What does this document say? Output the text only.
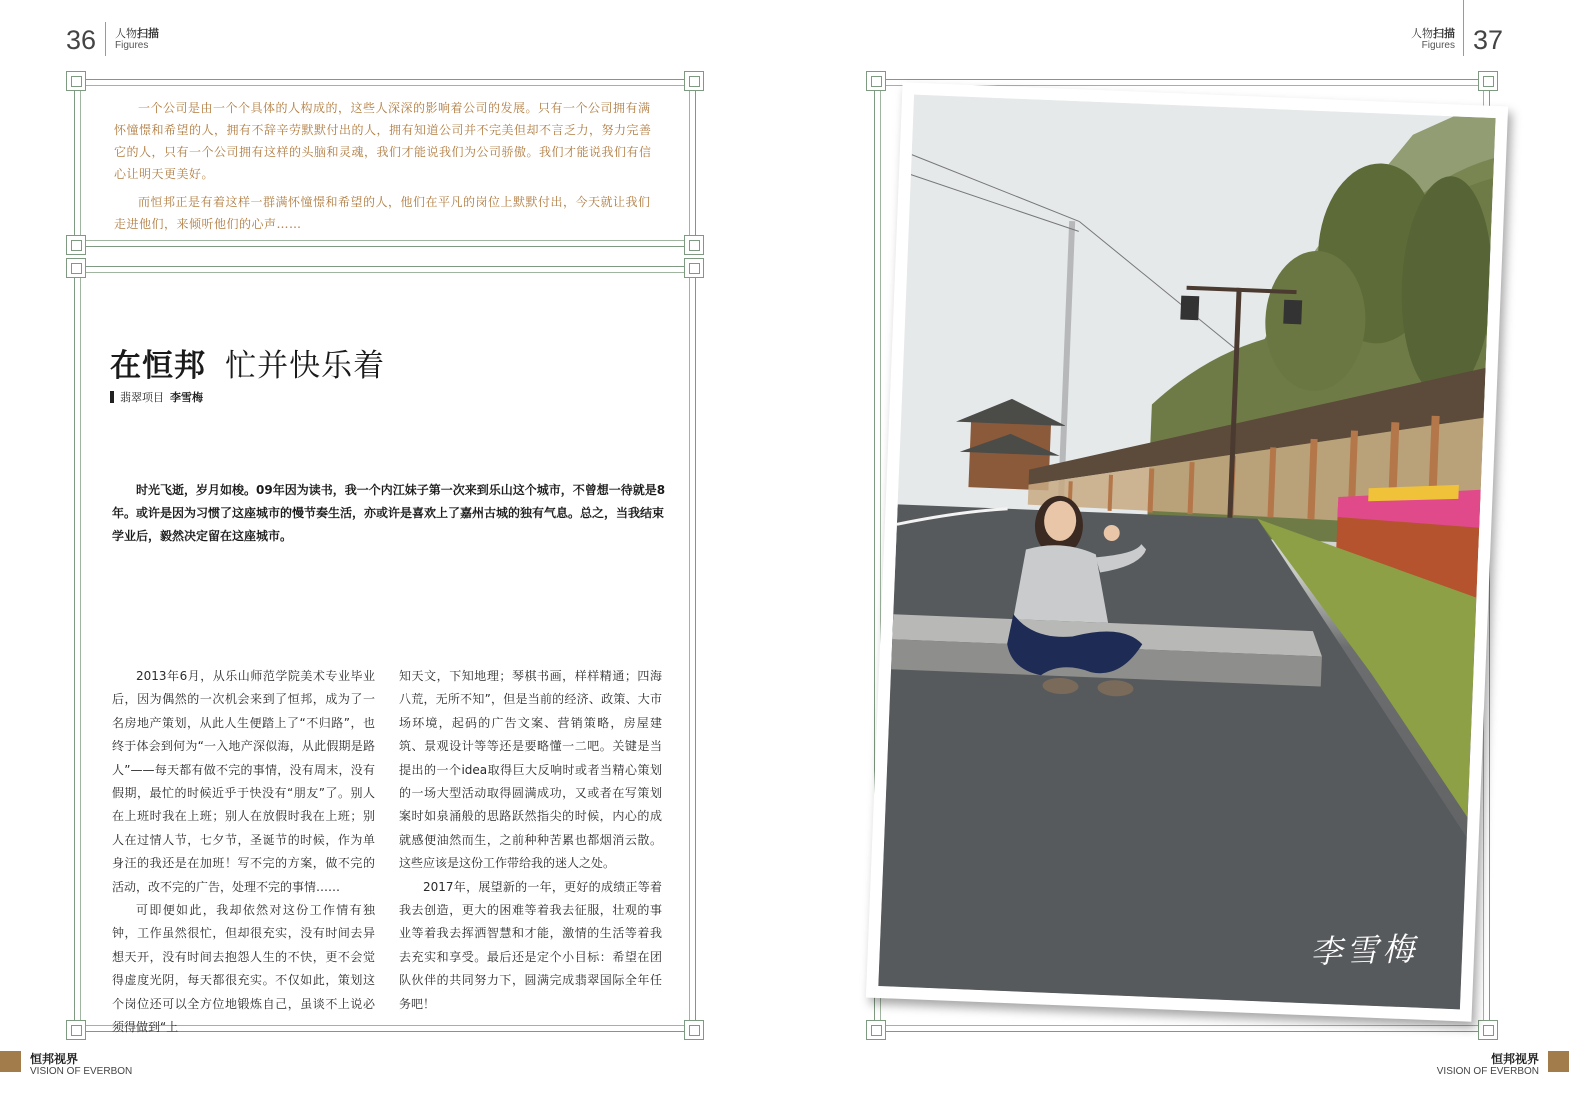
36 人物扫描
Figures
人物扫描
Figures 37

一个公司是由一个个具体的人构成的，这些人深深的影响着公司的发展。只有一个公司拥有满怀憧憬和希望的人，拥有不辞辛劳默默付出的人，拥有知道公司并不完美但却不言乏力，努力完善它的人，只有一个公司拥有这样的头脑和灵魂，我们才能说我们为公司骄傲。我们才能说我们有信心让明天更美好。

而恒邦正是有着这样一群满怀憧憬和希望的人，他们在平凡的岗位上默默付出，今天就让我们走进他们，来倾听他们的心声……

在恒邦 忙并快乐着
翡翠项目 李雪梅

时光飞逝，岁月如梭。09年因为读书，我一个内江妹子第一次来到乐山这个城市，不曾想一待就是8年。或许是因为习惯了这座城市的慢节奏生活，亦或许是喜欢上了嘉州古城的独有气息。总之，当我结束学业后，毅然决定留在这座城市。

2013年6月，从乐山师范学院美术专业毕业后，因为偶然的一次机会来到了恒邦，成为了一名房地产策划，从此人生便踏上了“不归路”，也终于体会到何为“一入地产深似海，从此假期是路人”——每天都有做不完的事情，没有周末，没有假期，最忙的时候近乎于快没有“朋友”了。别人在上班时我在上班；别人在放假时我在上班；别人在过情人节，七夕节，圣诞节的时候，作为单身汪的我还是在加班！写不完的方案，做不完的活动，改不完的广告，处理不完的事情……

可即便如此，我却依然对这份工作情有独钟，工作虽然很忙，但却很充实，没有时间去异想天开，没有时间去抱怨人生的不快，更不会觉得虚度光阴，每天都很充实。不仅如此，策划这个岗位还可以全方位地锻炼自己，虽谈不上说必须得做到“上

知天文，下知地理；琴棋书画，样样精通；四海八荒，无所不知”，但是当前的经济、政策、大市场环境，起码的广告文案、营销策略，房屋建筑、景观设计等等还是要略懂一二吧。关键是当提出的一个idea取得巨大反响时或者当精心策划的一场大型活动取得圆满成功，又或者在写策划案时如泉涌般的思路跃然指尖的时候，内心的成就感便油然而生，之前种种苦累也都烟消云散。这些应该是这份工作带给我的迷人之处。

2017年，展望新的一年，更好的成绩正等着我去创造，更大的困难等着我去征服，壮观的事业等着我去挥洒智慧和才能，激情的生活等着我去充实和享受。最后还是定个小目标：希望在团队伙伴的共同努力下，圆满完成翡翠国际全年任务吧！

李雪梅
恒邦视界
VISION OF EVERBON
恒邦视界
VISION OF EVERBON
